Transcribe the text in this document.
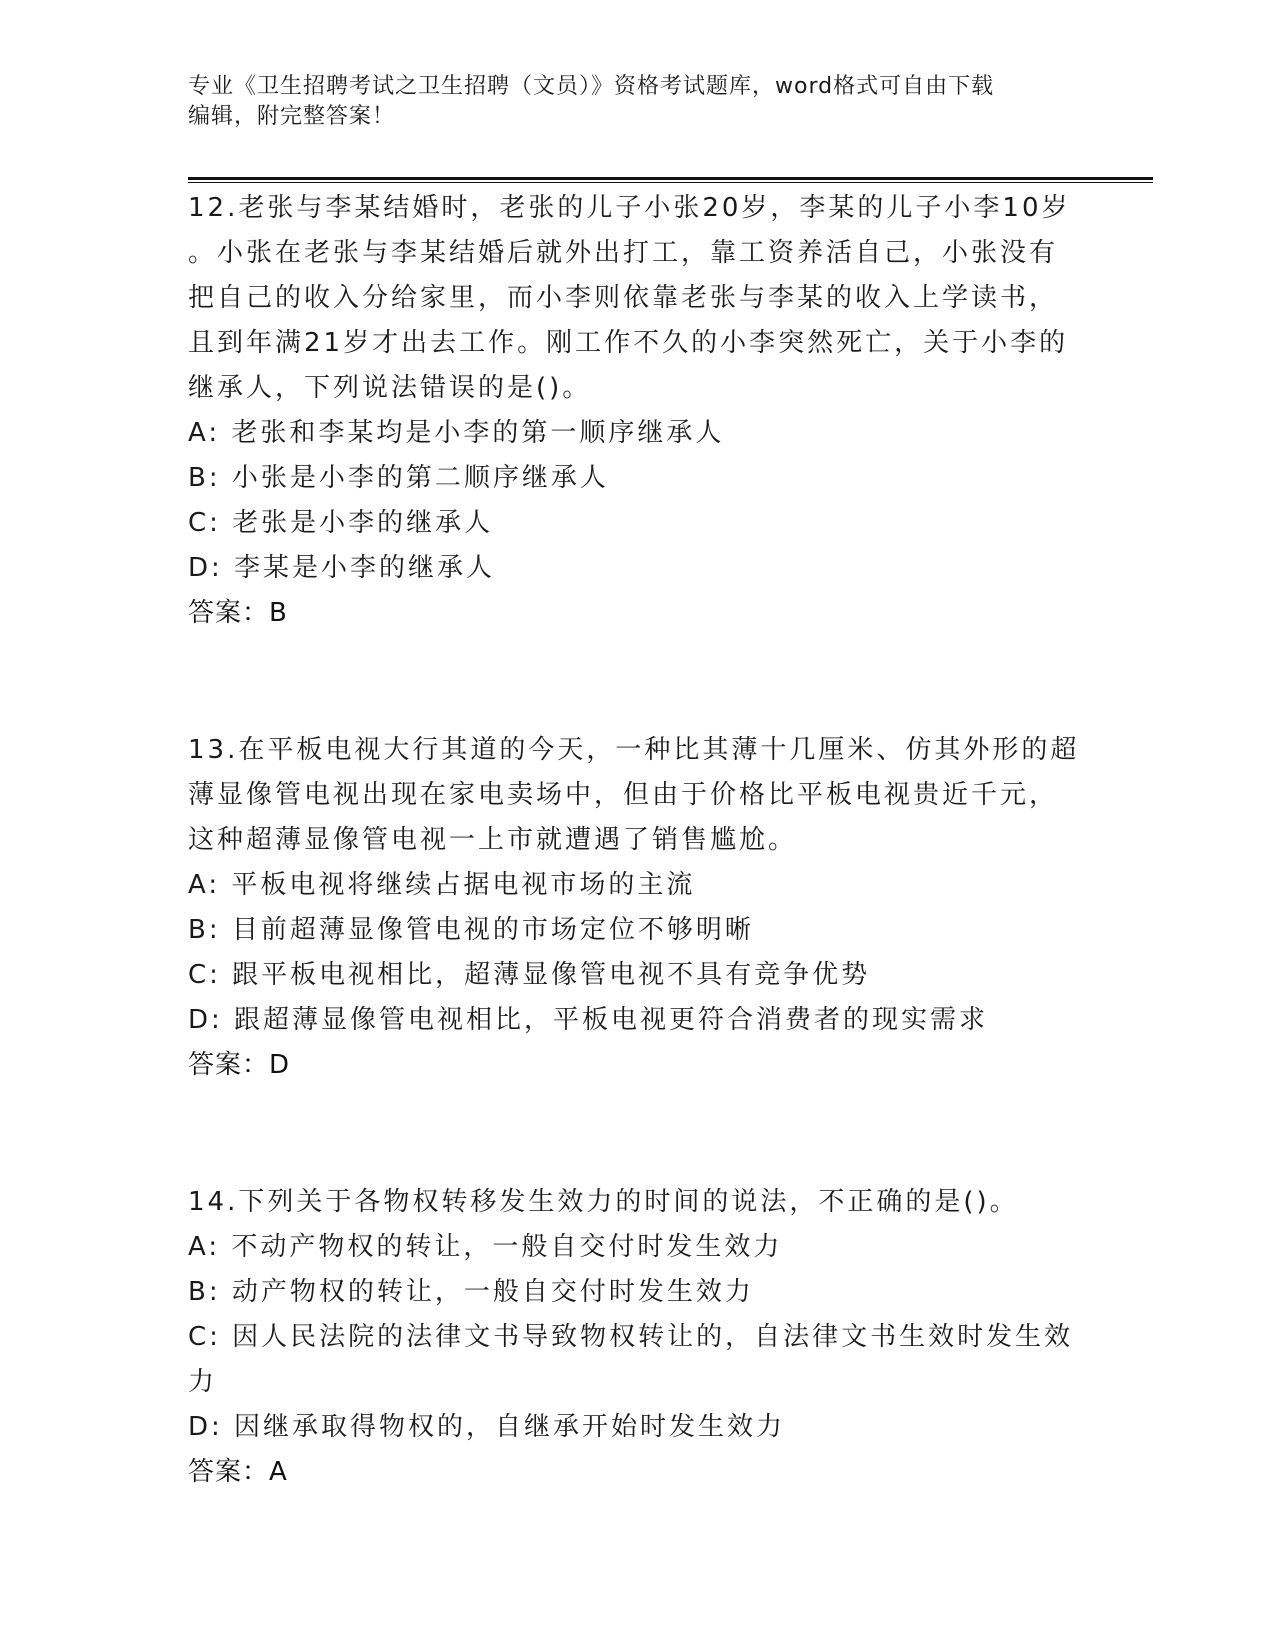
专业《卫生招聘考试之卫生招聘（文员）》资格考试题库，word格式可自由下载
编辑，附完整答案！
12.老张与李某结婚时，老张的儿子小张20岁，李某的儿子小李10岁
。小张在老张与李某结婚后就外出打工，靠工资养活自己，小张没有
把自己的收入分给家里，而小李则依靠老张与李某的收入上学读书，
且到年满21岁才出去工作。刚工作不久的小李突然死亡，关于小李的
继承人，下列说法错误的是()。
A: 老张和李某均是小李的第一顺序继承人
B: 小张是小李的第二顺序继承人
C: 老张是小李的继承人
D: 李某是小李的继承人
答案：B
13.在平板电视大行其道的今天，一种比其薄十几厘米、仿其外形的超
薄显像管电视出现在家电卖场中，但由于价格比平板电视贵近千元，
这种超薄显像管电视一上市就遭遇了销售尴尬。
A: 平板电视将继续占据电视市场的主流
B: 目前超薄显像管电视的市场定位不够明晰
C: 跟平板电视相比，超薄显像管电视不具有竞争优势
D: 跟超薄显像管电视相比，平板电视更符合消费者的现实需求
答案：D
14.下列关于各物权转移发生效力的时间的说法，不正确的是()。
A: 不动产物权的转让，一般自交付时发生效力
B: 动产物权的转让，一般自交付时发生效力
C: 因人民法院的法律文书导致物权转让的，自法律文书生效时发生效
力
D: 因继承取得物权的，自继承开始时发生效力
答案：A
